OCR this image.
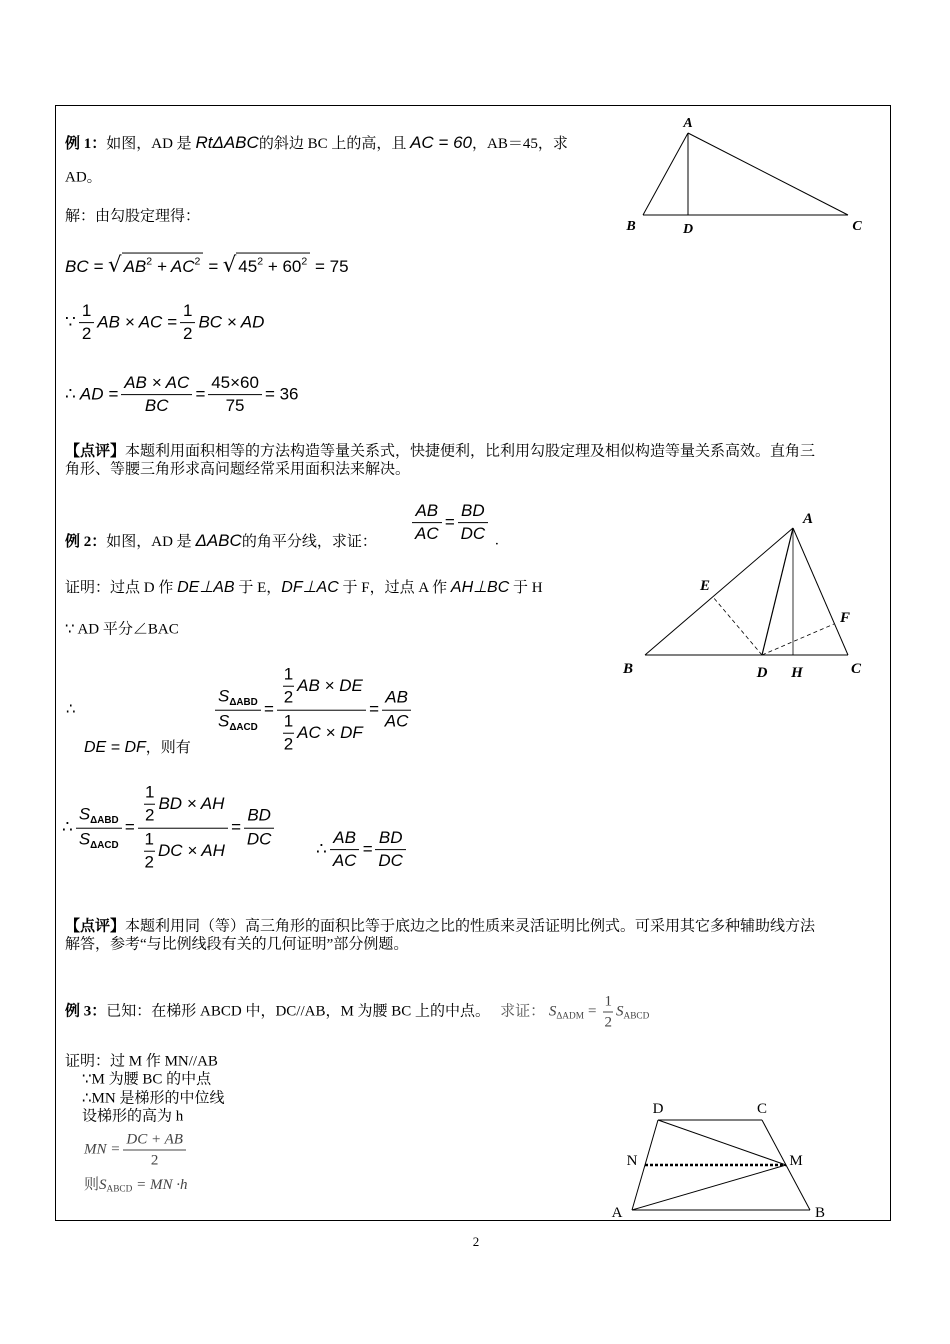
例 1：如图，AD 是 RtΔABC的斜边 BC 上的高，且 AC = 60，AB＝45，求
AD。
解：由勾股定理得：
BC = √ $AB^2 + AC^2$ = √ $45^2 + 60^2 = 75$
∵ $\frac{1}{2}$ AB × AC = $\frac{1}{2}$ BC × AD
∴ AD = $\frac{AB \times AC}{BC} = \frac{45\times 60}{75} = 36$
【点评】本题利用面积相等的方法构造等量关系式，快捷便利，比利用勾股定理及相似构造等量关系高效。直角三
角形、等腰三角形求高问题经常采用面积法来解决。
A
B	D	C
例 2：如图，AD 是 ΔABC的角平分线，求证： $\frac{AB}{AC} = \frac{BD}{DC}$ .
证明：过点 D 作 DE⊥AB 于 E，DF⊥AC 于 F，过点 A 作 AH⊥BC 于 H
∵ AD 平分∠BAC
∴	$\frac{S_{\Delta ABD}}{S_{\Delta ACD}} = \frac{\frac{1}{2} AB \times DE}{\frac{1}{2} AC \times DF} = \frac{AB}{AC}$
DE = DF，则有
∴ $\frac{S_{\Delta ABD}}{S_{\Delta ACD}} = \frac{\frac{1}{2} BD \times AH}{\frac{1}{2} DC \times AH} = \frac{BD}{DC}$ ∴ $\frac{AB}{AC} = \frac{BD}{DC}$
【点评】本题利用同（等）高三角形的面积比等于底边之比的性质来灵活证明比例式。可采用其它多种辅助线方法
解答，参考“与比例线段有关的几何证明”部分例题。
A
E
F
B	D H	C
例 3：已知：在梯形 ABCD 中，DC//AB，M 为腰 BC 上的中点。 求证： $S\Delta ADM = \frac{1}{2}$ SABCD
证明：过 M 作 MN//AB
∵M 为腰 BC 的中点
∴MN 是梯形的中位线
设梯形的高为 h
MN = $\frac{DC + AB}{2}$
则SABCD = MN ·h
D	C
N	M
A	B
2
